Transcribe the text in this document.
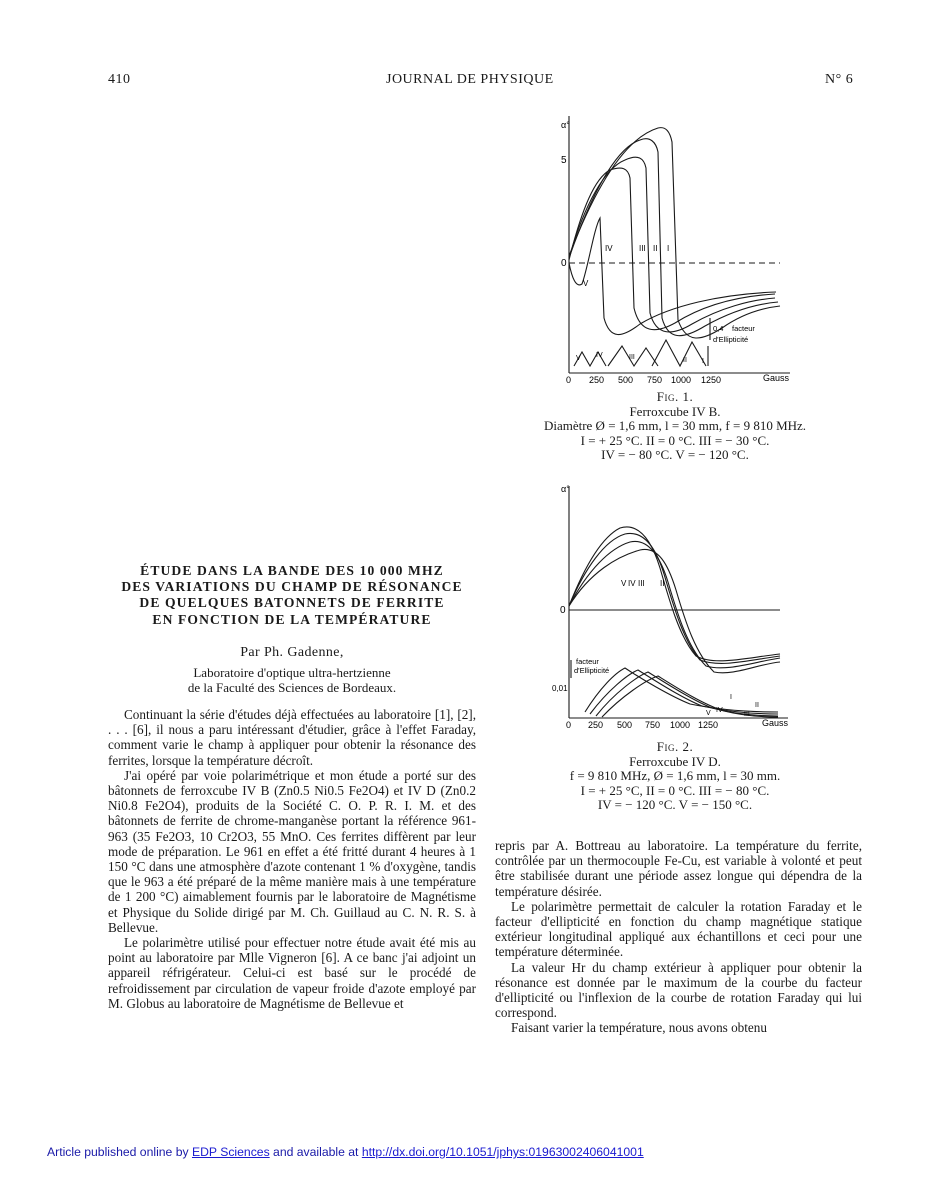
410	JOURNAL DE PHYSIQUE	N° 6
α°
5
0
0 250 500 750 1000 1250	Gauss
IV	III II I
V
V IV	III	II I
0,4 facteur
d'Ellipticité
Fig. 1.
Ferroxcube IV B.
Diamètre Ø = 1,6 mm, l = 30 mm, f = 9 810 MHz.
I = + 25 °C. II = 0 °C. III = − 30 °C.
IV = − 80 °C. V = − 120 °C.
α°
0
0,01
facteur
d'Ellipticité
0 250 500 750 1000 1250	Gauss
V IV III II
V IV
III
II
I
Fig. 2.
Ferroxcube IV D.
f = 9 810 MHz, Ø = 1,6 mm, l = 30 mm.
I = + 25 °C, II = 0 °C. III = − 80 °C.
IV = − 120 °C. V = − 150 °C.
ÉTUDE DANS LA BANDE DES 10 000 MHZ
DES VARIATIONS DU CHAMP DE RÉSONANCE
DE QUELQUES BATONNETS DE FERRITE
EN FONCTION DE LA TEMPÉRATURE
Par Ph. Gadenne,
Laboratoire d'optique ultra-hertzienne
de la Faculté des Sciences de Bordeaux.

Continuant la série d'études déjà effectuées au laboratoire [1], [2], . . . [6], il nous a paru intéressant d'étudier, grâce à l'effet Faraday, comment varie le champ à appliquer pour obtenir la résonance des ferrites, lorsque la température décroît.

J'ai opéré par voie polarimétrique et mon étude a porté sur des bâtonnets de ferroxcube IV B (Zn0.5 Ni0.5 Fe2O4) et IV D (Zn0.2 Ni0.8 Fe2O4), produits de la Société C. O. P. R. I. M. et des bâtonnets de ferrite de chrome-manganèse portant la référence 961-963 (35 Fe2O3, 10 Cr2O3, 55 MnO. Ces ferrites diffèrent par leur mode de préparation. Le 961 en effet a été fritté durant 4 heures à 1 150 °C dans une atmosphère d'azote contenant 1 % d'oxygène, tandis que le 963 a été préparé de la même manière mais à une température de 1 200 °C) aimablement fournis par le laboratoire de Magnétisme et Physique du Solide dirigé par M. Ch. Guillaud au C. N. R. S. à Bellevue.

Le polarimètre utilisé pour effectuer notre étude avait été mis au point au laboratoire par Mlle Vigneron [6]. A ce banc j'ai adjoint un appareil réfrigérateur. Celui-ci est basé sur le procédé de refroidissement par circulation de vapeur froide d'azote employé par M. Globus au laboratoire de Magnétisme de Bellevue et

repris par A. Bottreau au laboratoire. La température du ferrite, contrôlée par un thermocouple Fe-Cu, est variable à volonté et peut être stabilisée durant une période assez longue qui dépendra de la température désirée.

Le polarimètre permettait de calculer la rotation Faraday et le facteur d'ellipticité en fonction du champ magnétique statique extérieur longitudinal appliqué aux échantillons et ceci pour une température déterminée.

La valeur Hr du champ extérieur à appliquer pour obtenir la résonance est donnée par le maximum de la courbe du facteur d'ellipticité ou l'inflexion de la courbe de rotation Faraday qui lui correspond.

Faisant varier la température, nous avons obtenu

Article published online by EDP Sciences and available at http://dx.doi.org/10.1051/jphys:01963002406041001
